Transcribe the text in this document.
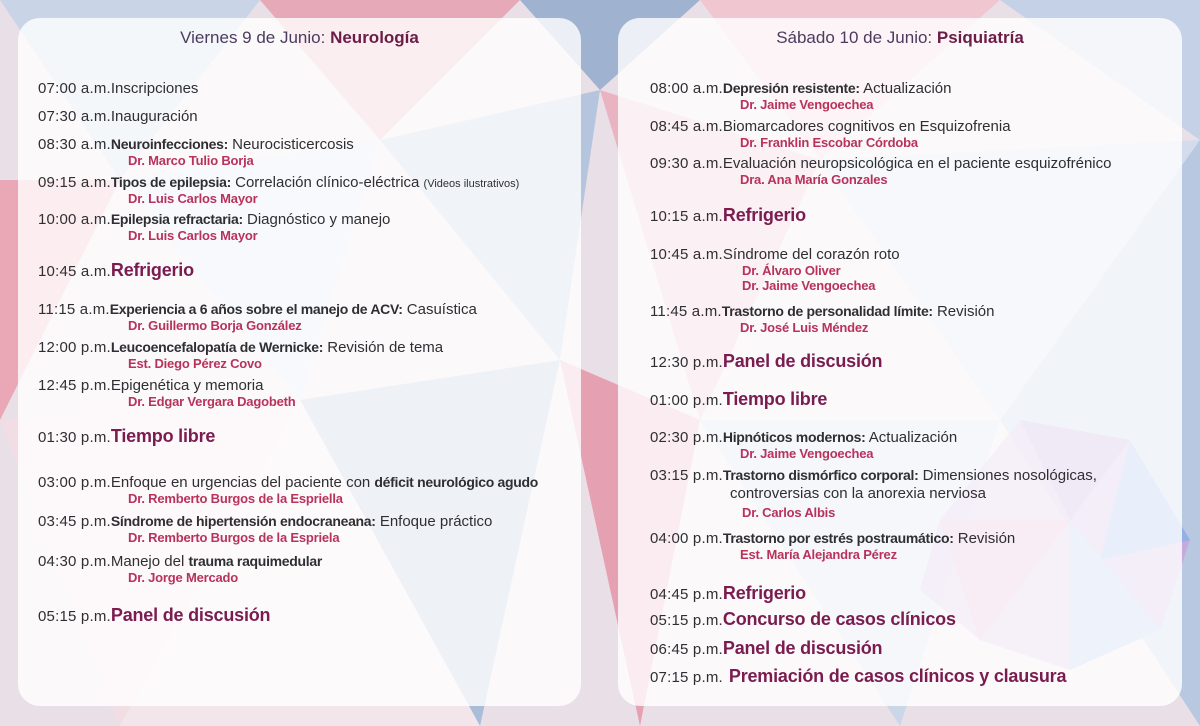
Viernes 9 de Junio: Neurología
07:00 a.m. Inscripciones
07:30 a.m. Inauguración
08:30 a.m. Neuroinfecciones: Neurocisticercosis
Dr. Marco Tulio Borja
09:15 a.m. Tipos de epilepsia: Correlación clínico-eléctrica (Videos ilustrativos)
Dr. Luis Carlos Mayor
10:00 a.m. Epilepsia refractaria: Diagnóstico y manejo
Dr. Luis Carlos Mayor
10:45 a.m. Refrigerio
11:15 a.m. Experiencia a 6 años sobre el manejo de ACV: Casuística
Dr. Guillermo Borja González
12:00 p.m. Leucoencefalopatía de Wernicke: Revisión de tema
Est. Diego Pérez Covo
12:45 p.m. Epigenética y memoria
Dr. Edgar Vergara Dagobeth
01:30 p.m. Tiempo libre
03:00 p.m. Enfoque en urgencias del paciente con déficit neurológico agudo
Dr. Remberto Burgos de la Espriella
03:45 p.m. Síndrome de hipertensión endocraneana: Enfoque práctico
Dr. Remberto Burgos de la Espriela
04:30 p.m. Manejo del trauma raquimedular
Dr. Jorge Mercado
05:15 p.m. Panel de discusión
Sábado 10 de Junio: Psiquiatría
08:00 a.m. Depresión resistente: Actualización
Dr. Jaime Vengoechea
08:45 a.m. Biomarcadores cognitivos en Esquizofrenia
Dr. Franklin Escobar Córdoba
09:30 a.m. Evaluación neuropsicológica en el paciente esquizofrénico
Dra. Ana María Gonzales
10:15 a.m. Refrigerio
10:45 a.m. Síndrome del corazón roto
Dr. Álvaro Oliver
Dr. Jaime Vengoechea
11:45 a.m. Trastorno de personalidad límite: Revisión
Dr. José Luis Méndez
12:30 p.m. Panel de discusión
01:00 p.m. Tiempo libre
02:30 p.m. Hipnóticos modernos: Actualización
Dr. Jaime Vengoechea
03:15 p.m. Trastorno dismórfico corporal: Dimensiones nosológicas,
controversias con la anorexia nerviosa
Dr. Carlos Albis
04:00 p.m. Trastorno por estrés postraumático: Revisión
Est. María Alejandra Pérez
04:45 p.m. Refrigerio
05:15 p.m. Concurso de casos clínicos
06:45 p.m. Panel de discusión
07:15 p.m. Premiación de casos clínicos y clausura
